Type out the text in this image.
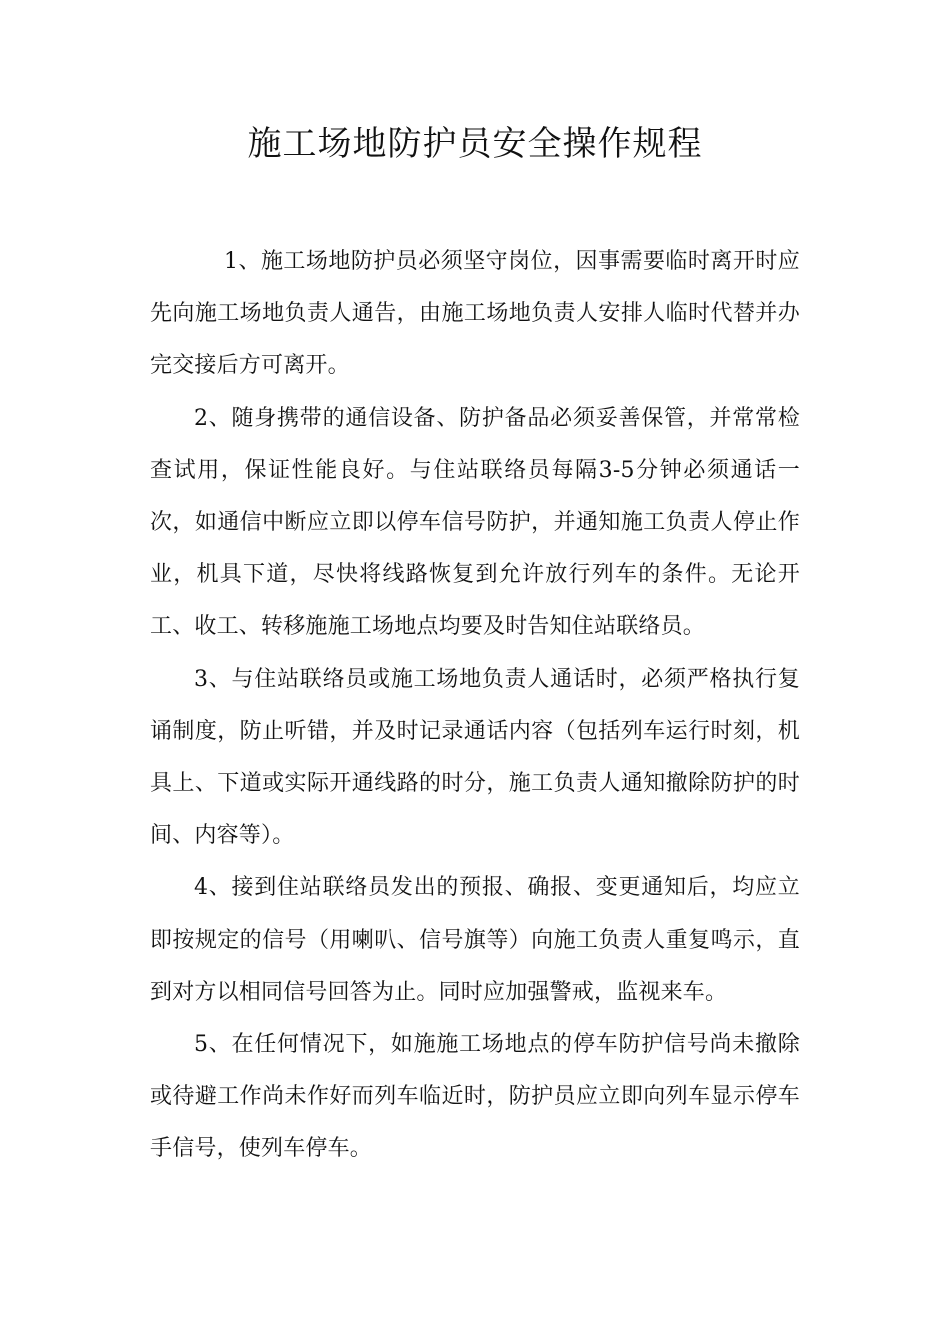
施工场地防护员安全操作规程

1、施工场地防护员必须坚守岗位，因事需要临时离开时应先向施工场地负责人通告，由施工场地负责人安排人临时代替并办完交接后方可离开。

2、随身携带的通信设备、防护备品必须妥善保管，并常常检查试用，保证性能良好。与住站联络员每隔3-5分钟必须通话一次，如通信中断应立即以停车信号防护，并通知施工负责人停止作业，机具下道，尽快将线路恢复到允许放行列车的条件。无论开工、收工、转移施施工场地点均要及时告知住站联络员。

3、与住站联络员或施工场地负责人通话时，必须严格执行复诵制度，防止听错，并及时记录通话内容（包括列车运行时刻，机具上、下道或实际开通线路的时分，施工负责人通知撤除防护的时间、内容等）。

4、接到住站联络员发出的预报、确报、变更通知后，均应立即按规定的信号（用喇叭、信号旗等）向施工负责人重复鸣示，直到对方以相同信号回答为止。同时应加强警戒，监视来车。

5、在任何情况下，如施施工场地点的停车防护信号尚未撤除或待避工作尚未作好而列车临近时，防护员应立即向列车显示停车手信号，使列车停车。
